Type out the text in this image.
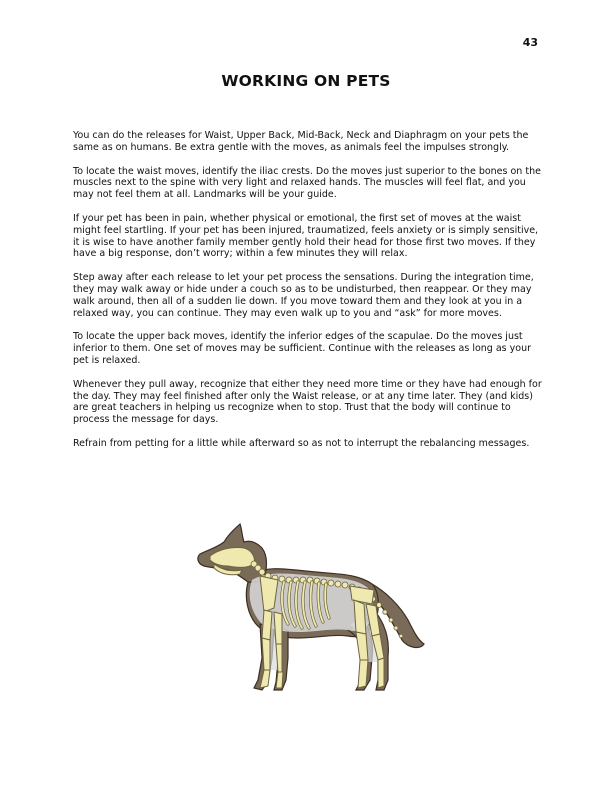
43
WORKING ON PETS

You can do the releases for Waist, Upper Back, Mid-Back, Neck and Diaphragm on your pets the same as on humans. Be extra gentle with the moves, as animals feel the impulses strongly.

To locate the waist moves, identify the iliac crests. Do the moves just superior to the bones on the muscles next to the spine with very light and relaxed hands. The muscles will feel flat, and you may not feel them at all. Landmarks will be your guide.

If your pet has been in pain, whether physical or emotional, the first set of moves at the waist might feel startling. If your pet has been injured, traumatized, feels anxiety or is simply sensitive, it is wise to have another family member gently hold their head for those first two moves. If they have a big response, don’t worry; within a few minutes they will relax.

Step away after each release to let your pet process the sensations. During the integration time, they may walk away or hide under a couch so as to be undisturbed, then reappear. Or they may walk around, then all of a sudden lie down. If you move toward them and they look at you in a relaxed way, you can continue. They may even walk up to you and “ask” for more moves.

To locate the upper back moves, identify the inferior edges of the scapulae. Do the moves just inferior to them. One set of moves may be sufficient. Continue with the releases as long as your pet is relaxed.

Whenever they pull away, recognize that either they need more time or they have had enough for the day. They may feel finished after only the Waist release, or at any time later. They (and kids) are great teachers in helping us recognize when to stop. Trust that the body will continue to process the message for days.

Refrain from petting for a little while afterward so as not to interrupt the rebalancing messages.
